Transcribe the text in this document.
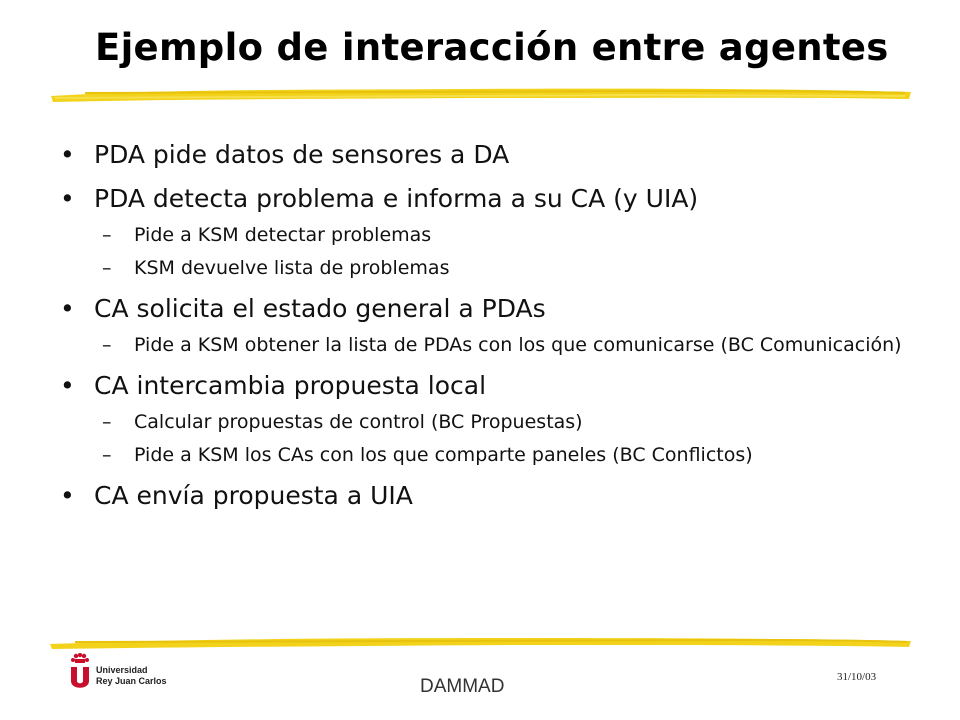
Ejemplo de interacción entre agentes
• PDA pide datos de sensores a DA
• PDA detecta problema e informa a su CA (y UIA)
–	Pide a KSM detectar problemas
–	KSM devuelve lista de problemas
• CA solicita el estado general a PDAs
–	Pide a KSM obtener la lista de PDAs con los que comunicarse (BC Comunicación)
• CA intercambia propuesta local
–	Calcular propuestas de control (BC Propuestas)
–	Pide a KSM los CAs con los que comparte paneles (BC Conflictos)
• CA envía propuesta a UIA
Universidad
Rey Juan Carlos	DAMMAD	31/10/03
